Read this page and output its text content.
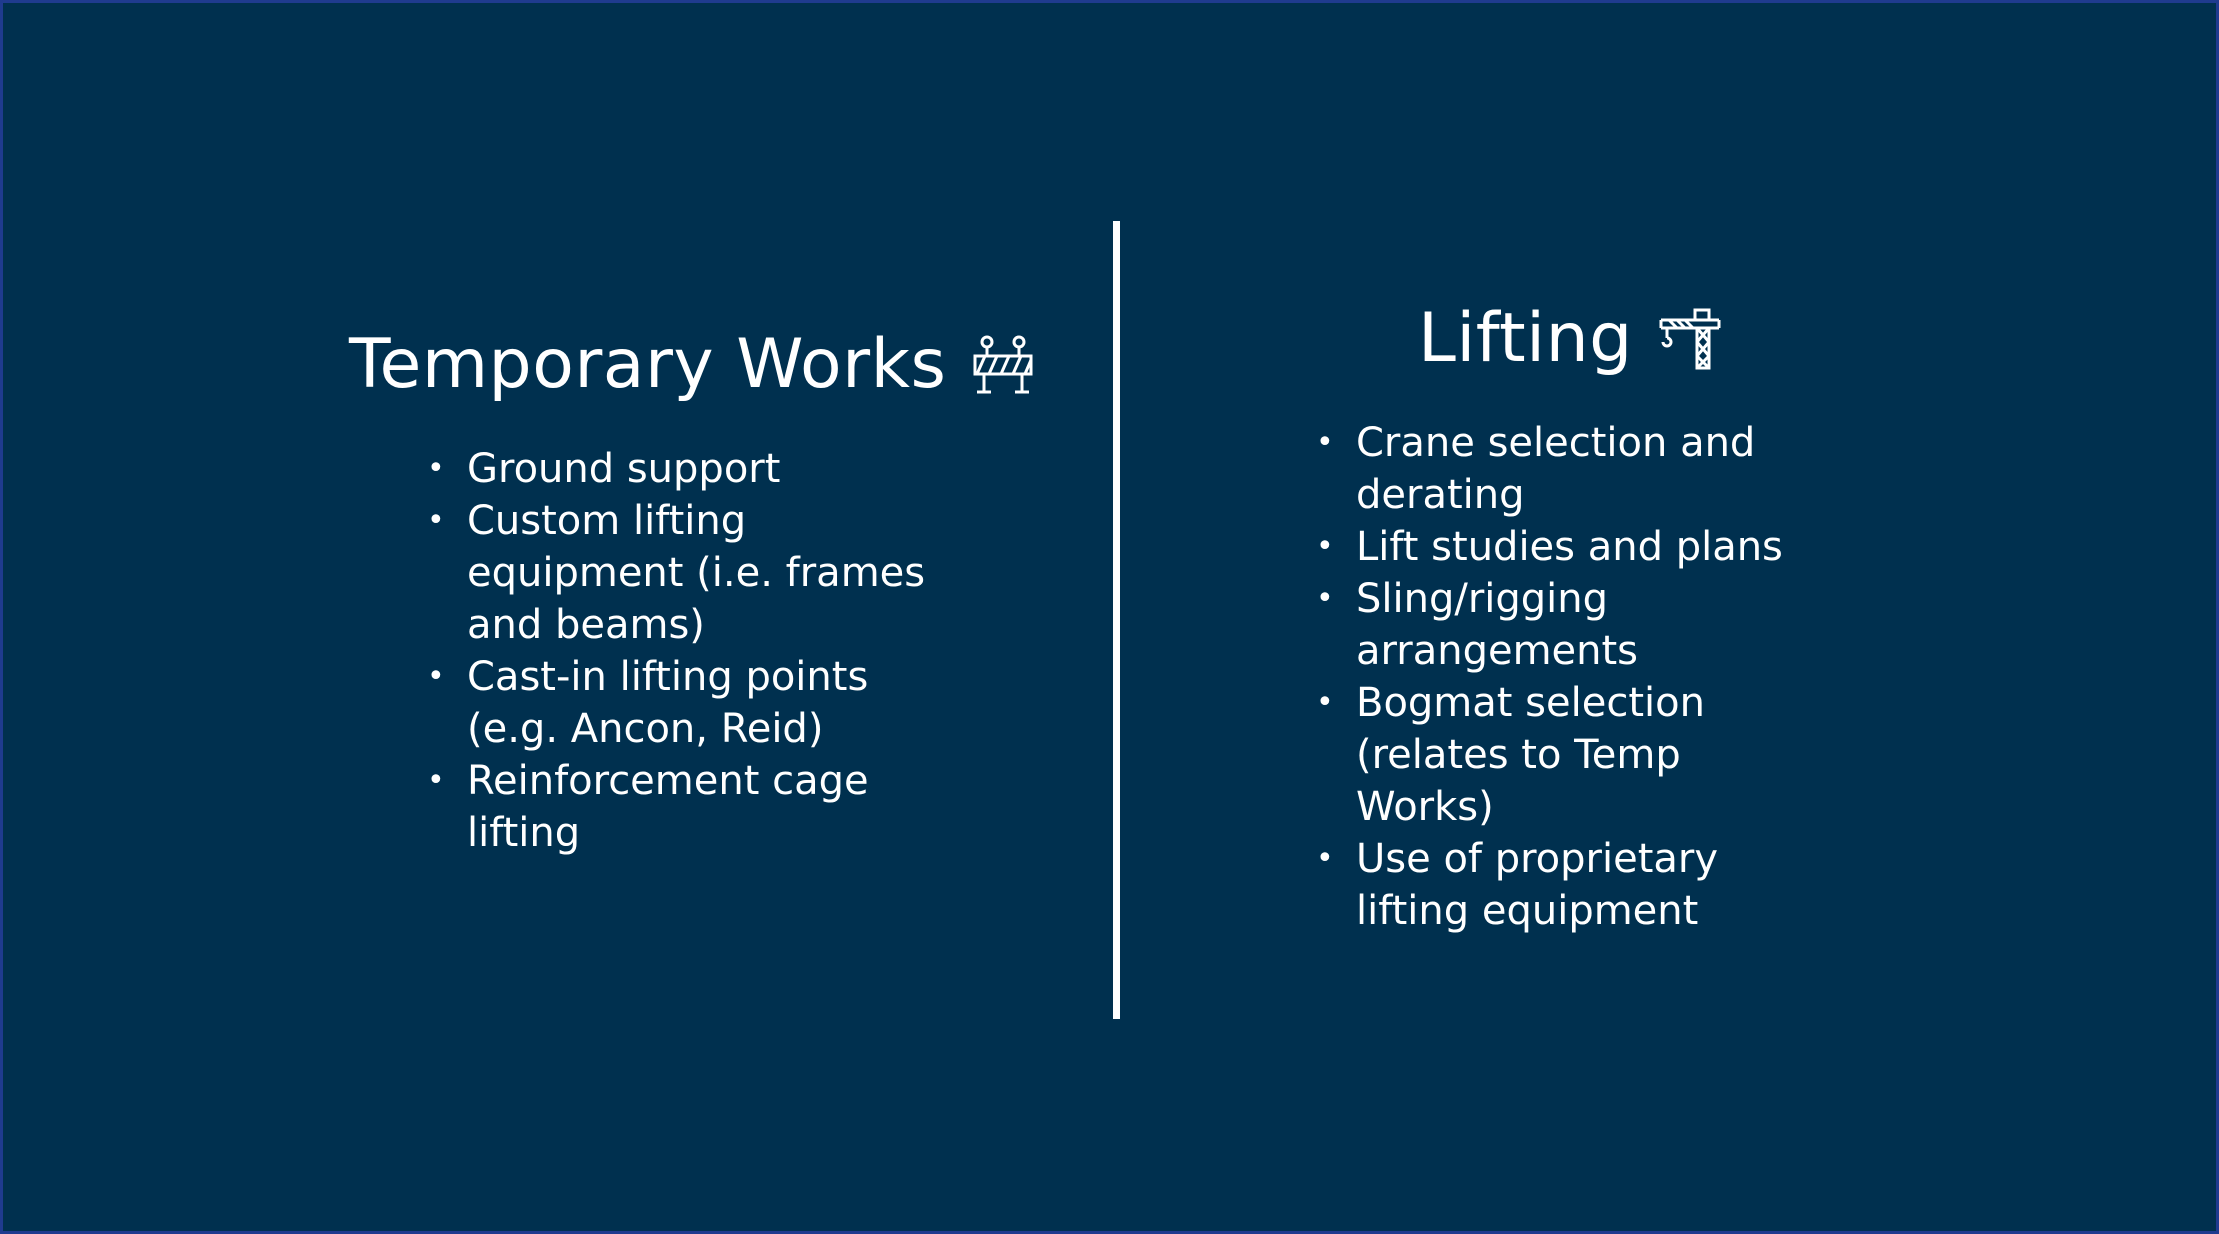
Temporary Works
• Ground support
• Custom lifting equipment (i.e. frames and beams)
• Cast-in lifting points (e.g. Ancon, Reid)
• Reinforcement cage lifting
Lifting
• Crane selection and derating
• Lift studies and plans
• Sling/rigging arrangements
• Bogmat selection (relates to Temp Works)
• Use of proprietary lifting equipment
